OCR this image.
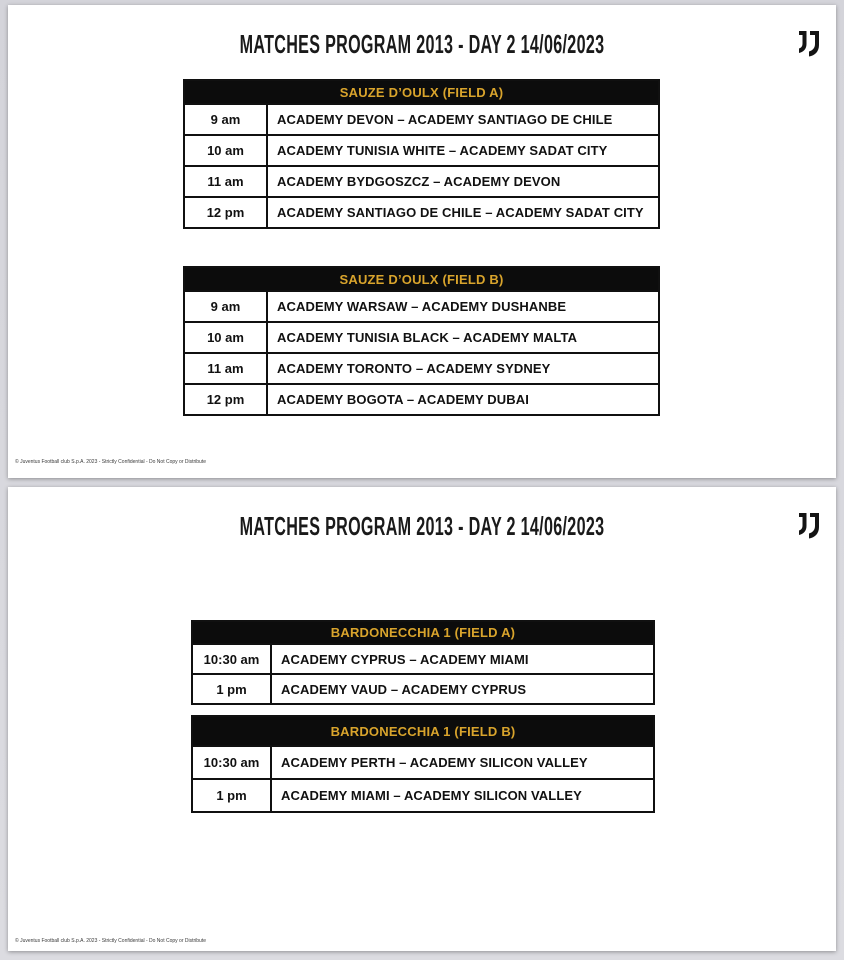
MATCHES PROGRAM 2013 - DAY 2 14/06/2023
SAUZE D’OULX (FIELD A)
9 am	ACADEMY DEVON – ACADEMY SANTIAGO DE CHILE
10 am	ACADEMY TUNISIA WHITE – ACADEMY SADAT CITY
11 am	ACADEMY BYDGOSZCZ – ACADEMY DEVON
12 pm	ACADEMY SANTIAGO DE CHILE – ACADEMY SADAT CITY
SAUZE D’OULX (FIELD B)
9 am	ACADEMY WARSAW – ACADEMY DUSHANBE
10 am	ACADEMY TUNISIA BLACK – ACADEMY MALTA
11 am	ACADEMY TORONTO – ACADEMY SYDNEY
12 pm	ACADEMY BOGOTA – ACADEMY DUBAI
© Juventus Football club S.p.A. 2023 - Strictly Confidential - Do Not Copy or Distribute
MATCHES PROGRAM 2013 - DAY 2 14/06/2023
BARDONECCHIA 1 (FIELD A)
10:30 am	ACADEMY CYPRUS – ACADEMY MIAMI
1 pm	ACADEMY VAUD – ACADEMY CYPRUS
BARDONECCHIA 1 (FIELD B)
10:30 am	ACADEMY PERTH – ACADEMY SILICON VALLEY
1 pm	ACADEMY MIAMI – ACADEMY SILICON VALLEY
© Juventus Football club S.p.A. 2023 - Strictly Confidential - Do Not Copy or Distribute
